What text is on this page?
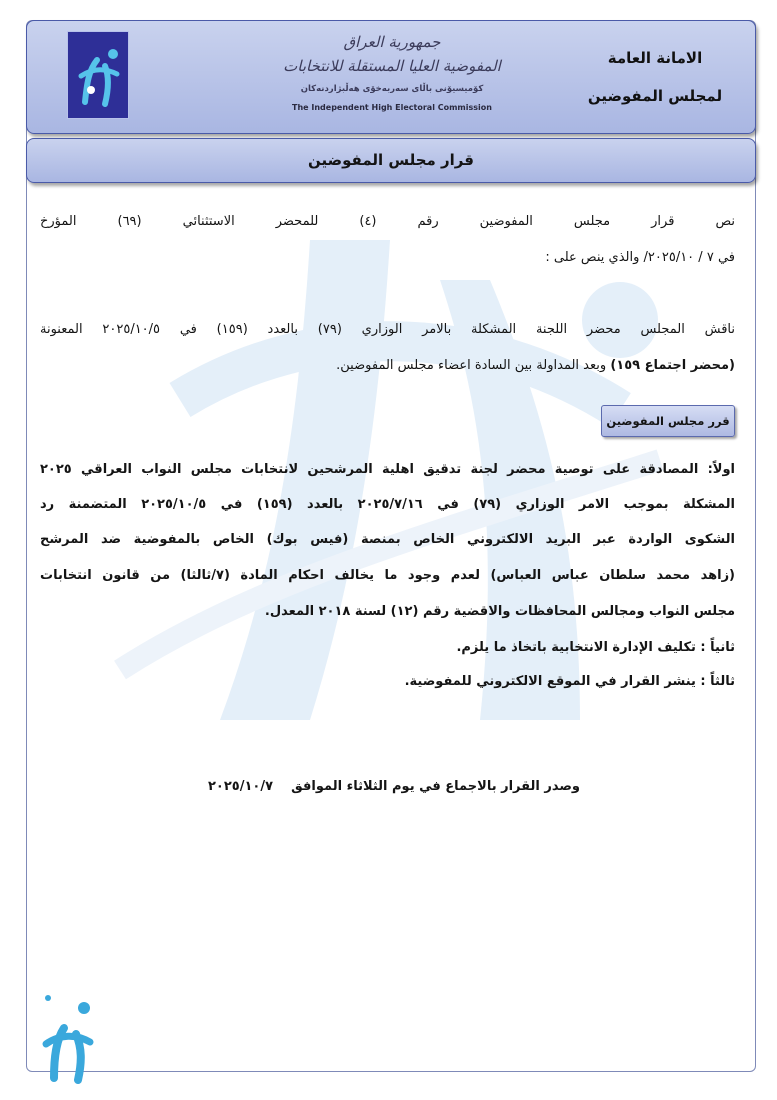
جمهورية العراق
المفوضية العليا المستقلة للانتخابات
كۆمیسیۆنی باڵای سەربەخۆی هەڵبژاردنەکان
The Independent High Electoral Commission
الامانة العامة
لمجلس المفوضين
قرار مجلس المفوضين
نص قرار مجلس المفوضين رقم (٤) للمحضر الاستثنائي (٦٩) المؤرخ
في ٧ / ٢٠٢٥/١٠/ والذي ينص على :
ناقش المجلس محضر اللجنة المشكلة بالامر الوزاري (٧٩) بالعدد (١٥٩) في ٢٠٢٥/١٠/٥ المعنونة
(محضر اجتماع ١٥٩) وبعد المداولة بين السادة اعضاء مجلس المفوضين.
قرر مجلس المفوضين
اولاً: المصادقة على توصية محضر لجنة تدقيق اهلية المرشحين لانتخابات مجلس النواب العراقي ٢٠٢٥
المشكلة بموجب الامر الوزاري (٧٩) في ٢٠٢٥/٧/١٦ بالعدد (١٥٩) في ٢٠٢٥/١٠/٥ المتضمنة رد
الشكوى الواردة عبر البريد الالكتروني الخاص بمنصة (فيس بوك) الخاص بالمفوضية ضد المرشح
(زاهد محمد سلطان عباس العباس) لعدم وجود ما يخالف احكام المادة (٧/ثالثا) من قانون انتخابات
مجلس النواب ومجالس المحافظات والاقضية رقم (١٢) لسنة ٢٠١٨ المعدل.
ثانياً : تكليف الإدارة الانتخابية باتخاذ ما يلزم.
ثالثاً : ينشر القرار في الموقع الالكتروني للمفوضية.
وصدر القرار بالاجماع في يوم الثلاثاء الموافق    ٢٠٢٥/١٠/٧
